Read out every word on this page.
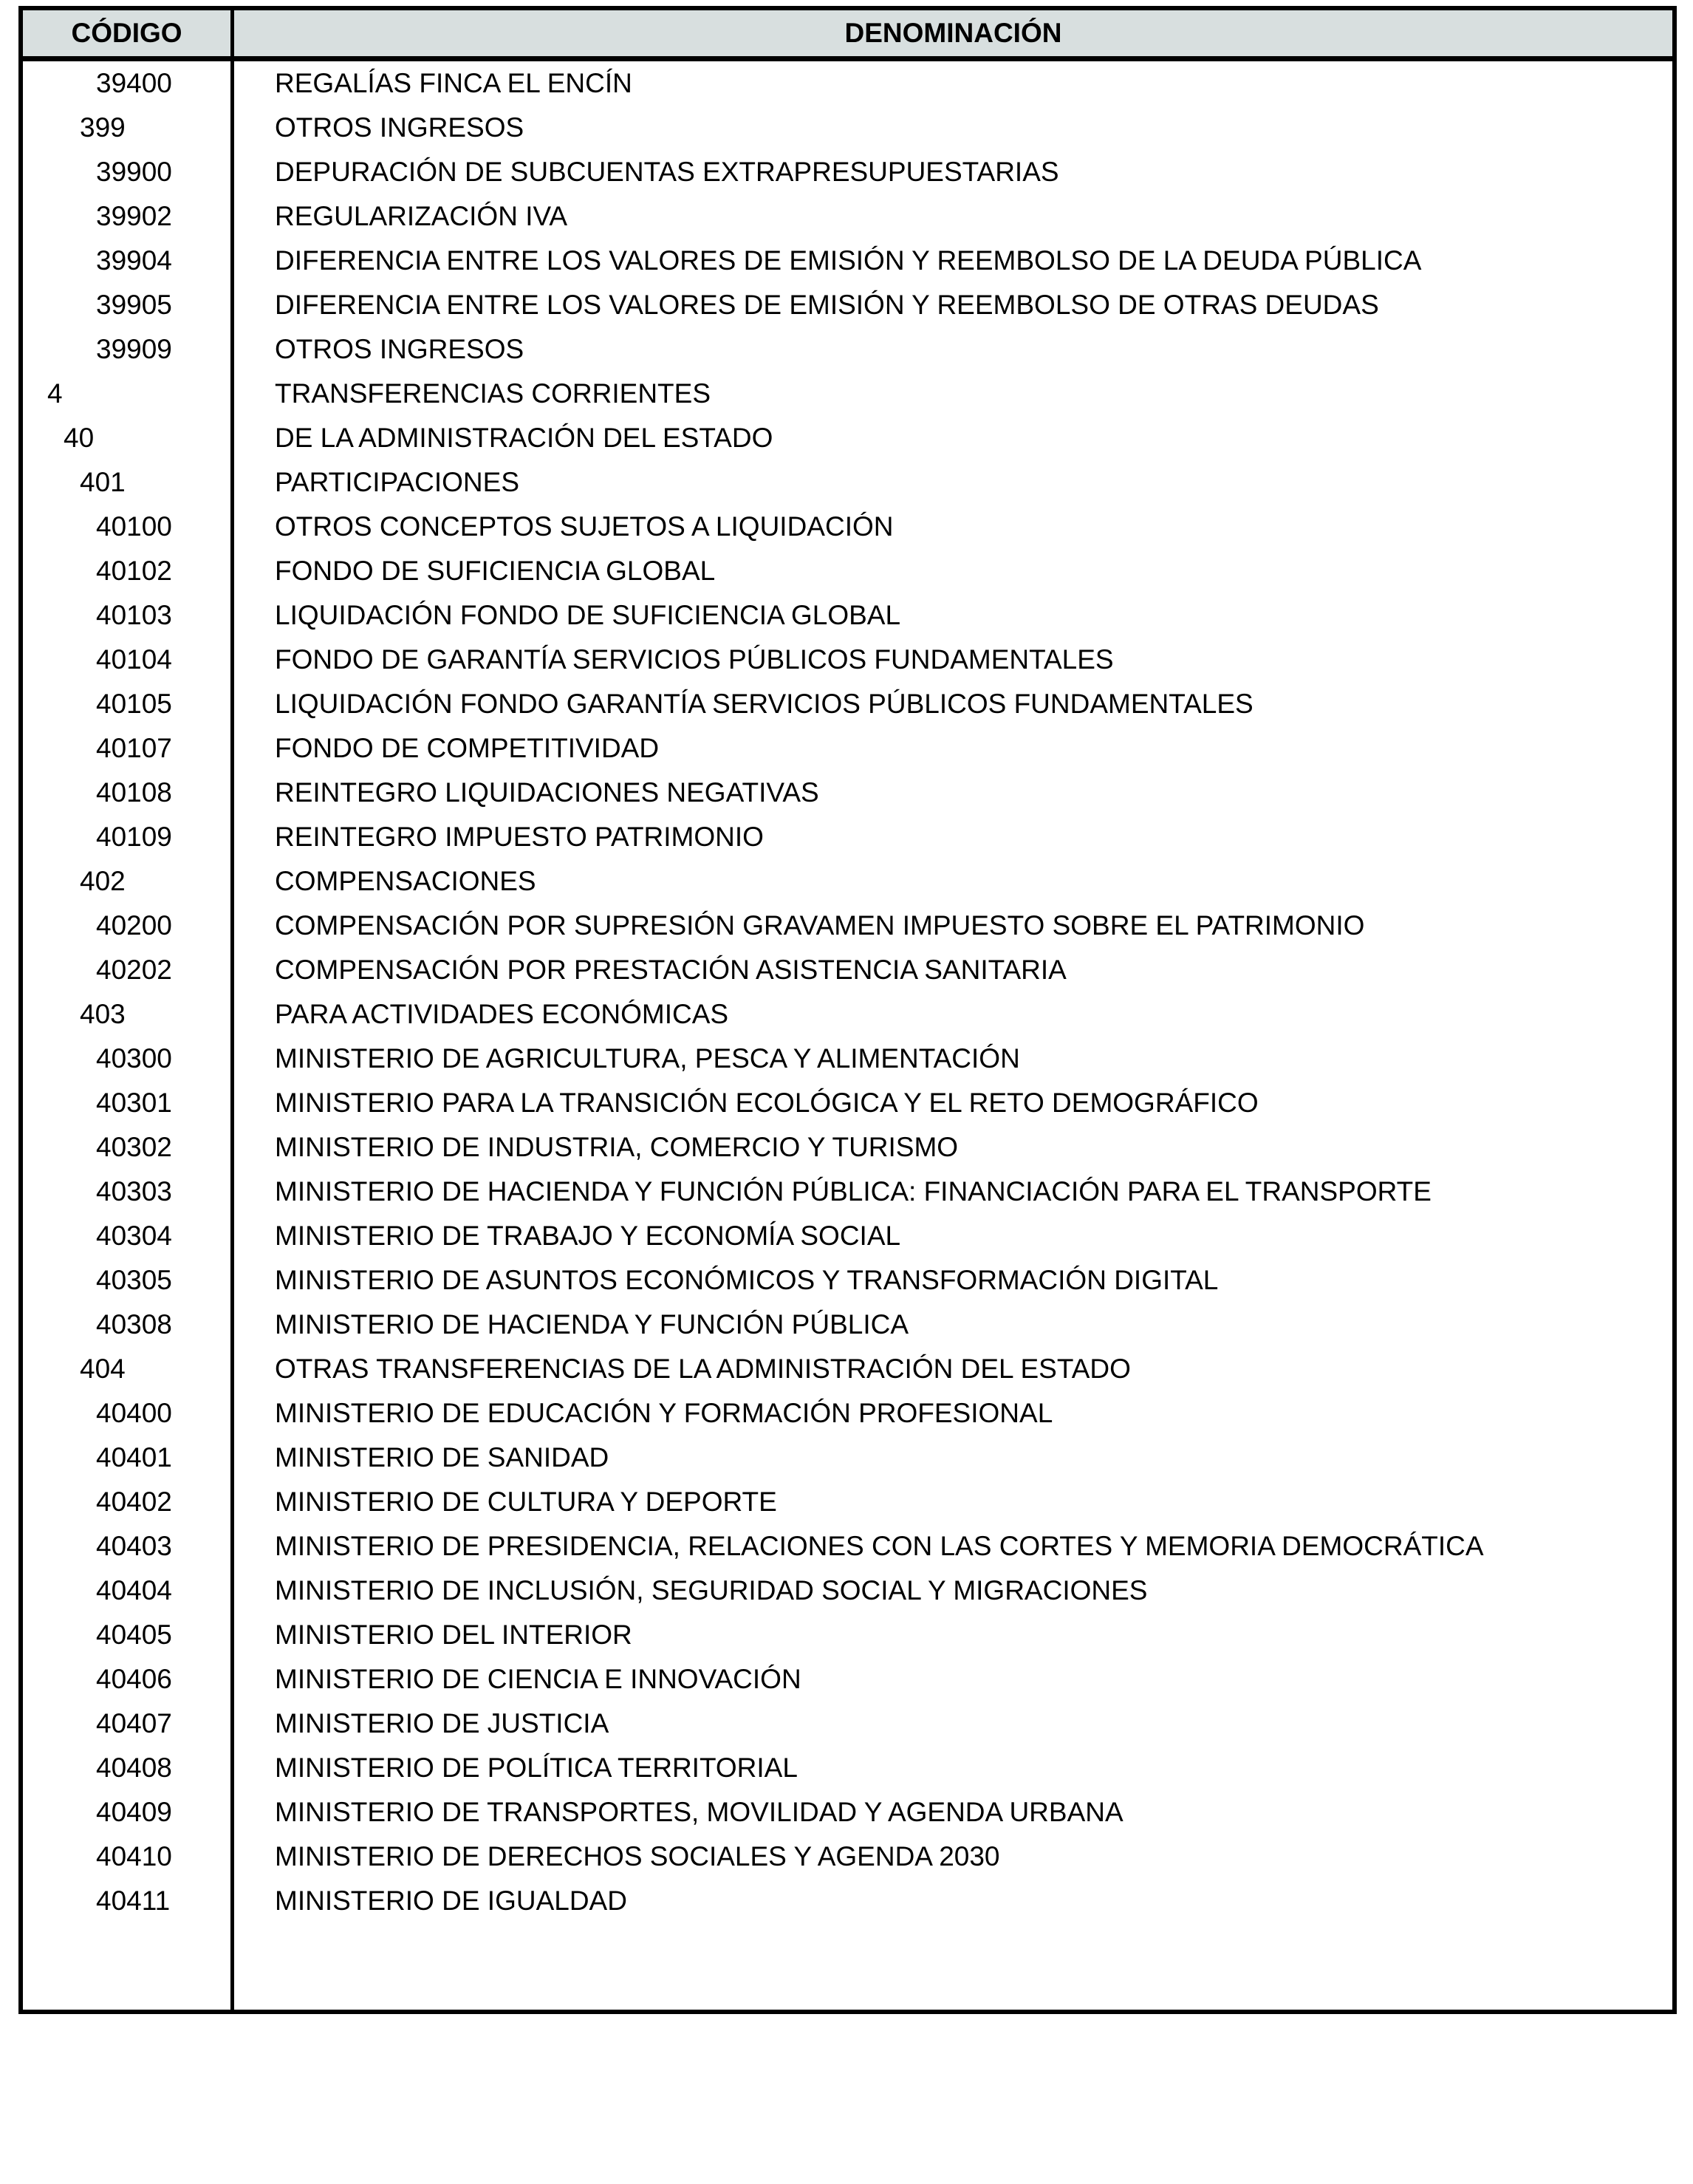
CÓDIGO	DENOMINACIÓN
39400	REGALÍAS FINCA EL ENCÍN
399	OTROS INGRESOS
39900	DEPURACIÓN DE SUBCUENTAS EXTRAPRESUPUESTARIAS
39902	REGULARIZACIÓN IVA
39904	DIFERENCIA ENTRE LOS VALORES DE EMISIÓN Y REEMBOLSO DE LA DEUDA PÚBLICA
39905	DIFERENCIA ENTRE LOS VALORES DE EMISIÓN Y REEMBOLSO DE OTRAS DEUDAS
39909	OTROS INGRESOS
4	TRANSFERENCIAS CORRIENTES
40	DE LA ADMINISTRACIÓN DEL ESTADO
401	PARTICIPACIONES
40100	OTROS CONCEPTOS SUJETOS A LIQUIDACIÓN
40102	FONDO DE SUFICIENCIA GLOBAL
40103	LIQUIDACIÓN FONDO DE SUFICIENCIA GLOBAL
40104	FONDO DE GARANTÍA SERVICIOS PÚBLICOS FUNDAMENTALES
40105	LIQUIDACIÓN FONDO GARANTÍA SERVICIOS PÚBLICOS FUNDAMENTALES
40107	FONDO DE COMPETITIVIDAD
40108	REINTEGRO LIQUIDACIONES NEGATIVAS
40109	REINTEGRO IMPUESTO PATRIMONIO
402	COMPENSACIONES
40200	COMPENSACIÓN POR SUPRESIÓN GRAVAMEN IMPUESTO SOBRE EL PATRIMONIO
40202	COMPENSACIÓN POR PRESTACIÓN ASISTENCIA SANITARIA
403	PARA ACTIVIDADES ECONÓMICAS
40300	MINISTERIO DE AGRICULTURA, PESCA Y ALIMENTACIÓN
40301	MINISTERIO PARA LA TRANSICIÓN ECOLÓGICA Y EL RETO DEMOGRÁFICO
40302	MINISTERIO DE INDUSTRIA, COMERCIO Y TURISMO
40303	MINISTERIO DE HACIENDA Y FUNCIÓN PÚBLICA: FINANCIACIÓN PARA EL TRANSPORTE
40304	MINISTERIO DE TRABAJO Y ECONOMÍA SOCIAL
40305	MINISTERIO DE ASUNTOS ECONÓMICOS Y TRANSFORMACIÓN DIGITAL
40308	MINISTERIO DE HACIENDA Y FUNCIÓN PÚBLICA
404	OTRAS TRANSFERENCIAS DE LA ADMINISTRACIÓN DEL ESTADO
40400	MINISTERIO DE EDUCACIÓN Y FORMACIÓN PROFESIONAL
40401	MINISTERIO DE SANIDAD
40402	MINISTERIO DE CULTURA Y DEPORTE
40403	MINISTERIO DE PRESIDENCIA, RELACIONES CON LAS CORTES Y MEMORIA DEMOCRÁTICA
40404	MINISTERIO DE INCLUSIÓN, SEGURIDAD SOCIAL Y MIGRACIONES
40405	MINISTERIO DEL INTERIOR
40406	MINISTERIO DE CIENCIA E INNOVACIÓN
40407	MINISTERIO DE JUSTICIA
40408	MINISTERIO DE POLÍTICA TERRITORIAL
40409	MINISTERIO DE TRANSPORTES, MOVILIDAD Y AGENDA URBANA
40410	MINISTERIO DE DERECHOS SOCIALES Y AGENDA 2030
40411	MINISTERIO DE IGUALDAD
